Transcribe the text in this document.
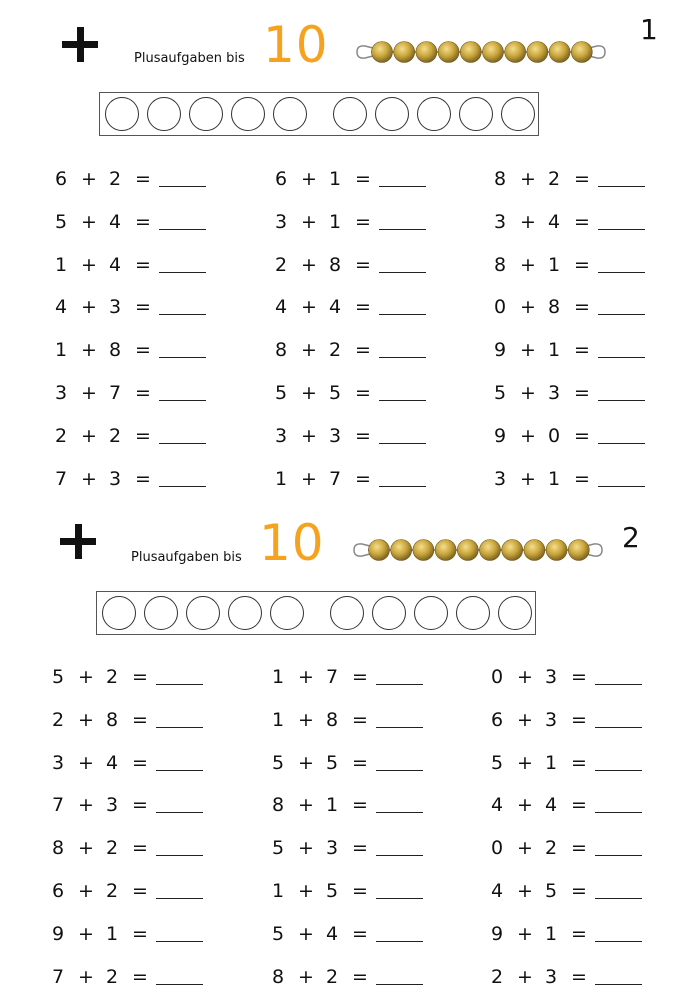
Plusaufgaben bis 10	1
6 + 2 =	6 + 1 =	8 + 2 =
5 + 4 =	3 + 1 =	3 + 4 =
1 + 4 =	2 + 8 =	8 + 1 =
4 + 3 =	4 + 4 =	0 + 8 =
1 + 8 =	8 + 2 =	9 + 1 =
3 + 7 =	5 + 5 =	5 + 3 =
2 + 2 =	3 + 3 =	9 + 0 =
7 + 3 =	1 + 7 =	3 + 1 =
Plusaufgaben bis 10	2
5 + 2 =	1 + 7 =	0 + 3 =
2 + 8 =	1 + 8 =	6 + 3 =
3 + 4 =	5 + 5 =	5 + 1 =
7 + 3 =	8 + 1 =	4 + 4 =
8 + 2 =	5 + 3 =	0 + 2 =
6 + 2 =	1 + 5 =	4 + 5 =
9 + 1 =	5 + 4 =	9 + 1 =
7 + 2 =	8 + 2 =	2 + 3 =
